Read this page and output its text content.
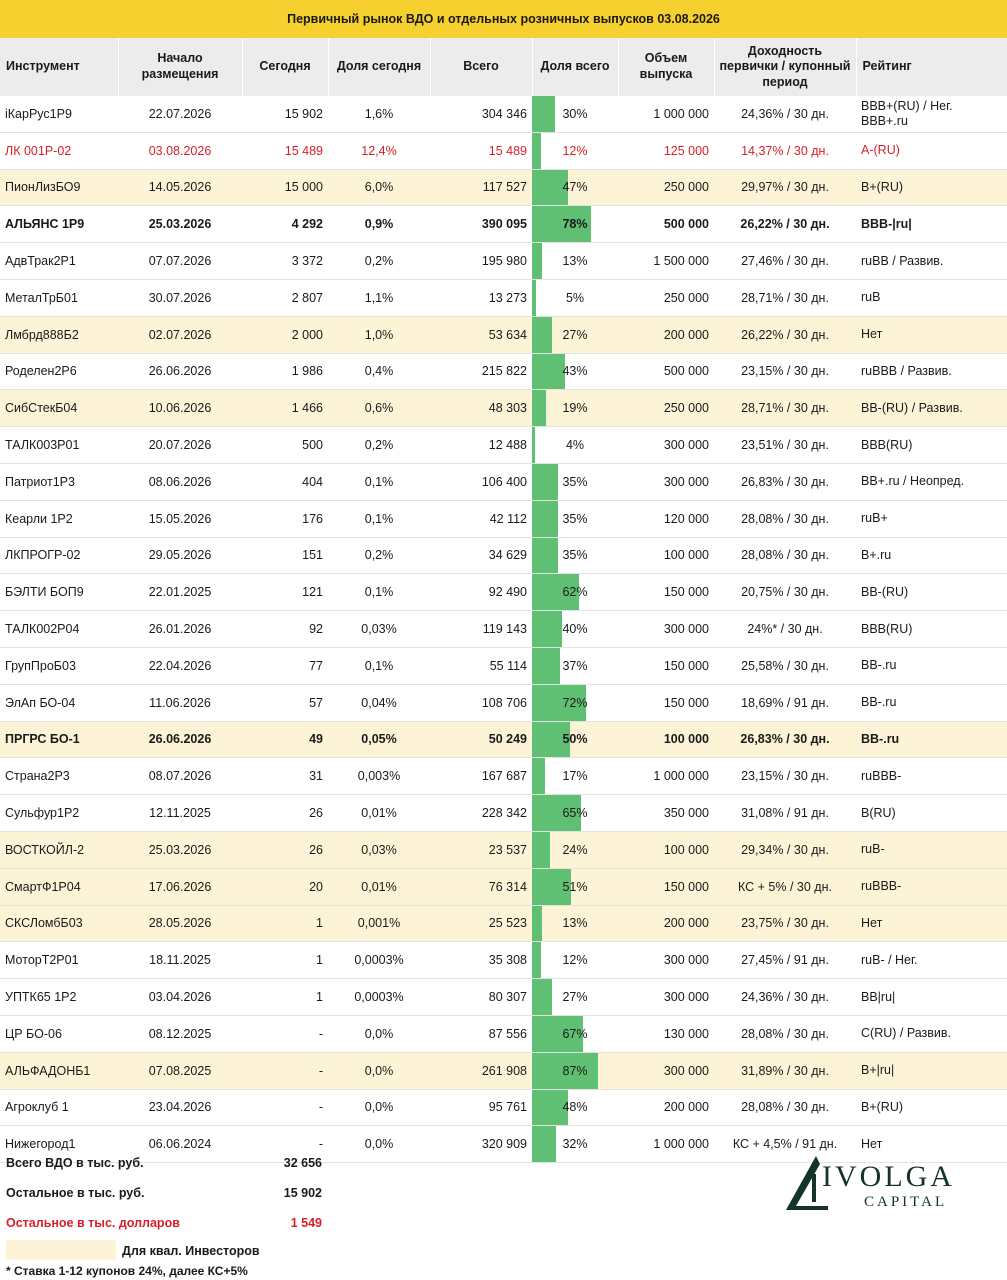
Первичный рынок ВДО и отдельных розничных выпусков 03.08.2026
Инструмент	Начало размещения	Сегодня	Доля сегодня	Всего	Доля всего	Объем выпуска	Доходность первички / купонный период	Рейтинг
iКарРус1Р9	22.07.2026	15 902	1,6%	304 346	30%	1 000 000	24,36% / 30 дн.	BBB+(RU) / Нег. BBB+.ru
ЛК 001Р-02	03.08.2026	15 489	12,4%	15 489	12%	125 000	14,37% / 30 дн.	A-(RU)
ПионЛизБО9	14.05.2026	15 000	6,0%	117 527	47%	250 000	29,97% / 30 дн.	B+(RU)
АЛЬЯНС 1Р9	25.03.2026	4 292	0,9%	390 095	78%	500 000	26,22% / 30 дн.	BBB-|ru|
АдвТрак2Р1	07.07.2026	3 372	0,2%	195 980	13%	1 500 000	27,46% / 30 дн.	ruBB / Развив.
МеталТрБ01	30.07.2026	2 807	1,1%	13 273	5%	250 000	28,71% / 30 дн.	ruB
Лмбрд888Б2	02.07.2026	2 000	1,0%	53 634	27%	200 000	26,22% / 30 дн.	Нет
Роделен2Р6	26.06.2026	1 986	0,4%	215 822	43%	500 000	23,15% / 30 дн.	ruBBB / Развив.
СибСтекБ04	10.06.2026	1 466	0,6%	48 303	19%	250 000	28,71% / 30 дн.	BB-(RU) / Развив.
ТАЛК003Р01	20.07.2026	500	0,2%	12 488	4%	300 000	23,51% / 30 дн.	BBB(RU)
Патриот1Р3	08.06.2026	404	0,1%	106 400	35%	300 000	26,83% / 30 дн.	BB+.ru / Неопред.
Кеарли 1Р2	15.05.2026	176	0,1%	42 112	35%	120 000	28,08% / 30 дн.	ruB+
ЛКПРОГР-02	29.05.2026	151	0,2%	34 629	35%	100 000	28,08% / 30 дн.	B+.ru
БЭЛТИ БОП9	22.01.2025	121	0,1%	92 490	62%	150 000	20,75% / 30 дн.	BB-(RU)
ТАЛК002Р04	26.01.2026	92	0,03%	119 143	40%	300 000	24%* / 30 дн.	BBB(RU)
ГрупПроБ03	22.04.2026	77	0,1%	55 114	37%	150 000	25,58% / 30 дн.	BB-.ru
ЭлАп БО-04	11.06.2026	57	0,04%	108 706	72%	150 000	18,69% / 91 дн.	BB-.ru
ПРГРС БО-1	26.06.2026	49	0,05%	50 249	50%	100 000	26,83% / 30 дн.	BB-.ru
Страна2Р3	08.07.2026	31	0,003%	167 687	17%	1 000 000	23,15% / 30 дн.	ruBBB-
Сульфур1Р2	12.11.2025	26	0,01%	228 342	65%	350 000	31,08% / 91 дн.	B(RU)
ВОСТКОЙЛ-2	25.03.2026	26	0,03%	23 537	24%	100 000	29,34% / 30 дн.	ruB-
СмартФ1Р04	17.06.2026	20	0,01%	76 314	51%	150 000	КС + 5% / 30 дн.	ruBBB-
СКСЛомбБ03	28.05.2026	1	0,001%	25 523	13%	200 000	23,75% / 30 дн.	Нет
МоторТ2Р01	18.11.2025	1	0,0003%	35 308	12%	300 000	27,45% / 91 дн.	ruB- / Нег.
УПТК65 1Р2	03.04.2026	1	0,0003%	80 307	27%	300 000	24,36% / 30 дн.	BB|ru|
ЦР БО-06	08.12.2025	-	0,0%	87 556	67%	130 000	28,08% / 30 дн.	C(RU) / Развив.
АЛЬФАДОНБ1	07.08.2025	-	0,0%	261 908	87%	300 000	31,89% / 30 дн.	B+|ru|
Агроклуб 1	23.04.2026	-	0,0%	95 761	48%	200 000	28,08% / 30 дн.	B+(RU)
Нижегород1	06.06.2024	-	0,0%	320 909	32%	1 000 000	КС + 4,5% / 91 дн.	Нет
Всего ВДО в тыс. руб.	32 656
Остальное в тыс. руб.	15 902
Остальное в тыс. долларов	1 549
Для квал. Инвесторов
* Ставка 1-12 купонов 24%, далее КС+5%
IVOLGA
CAPITAL
